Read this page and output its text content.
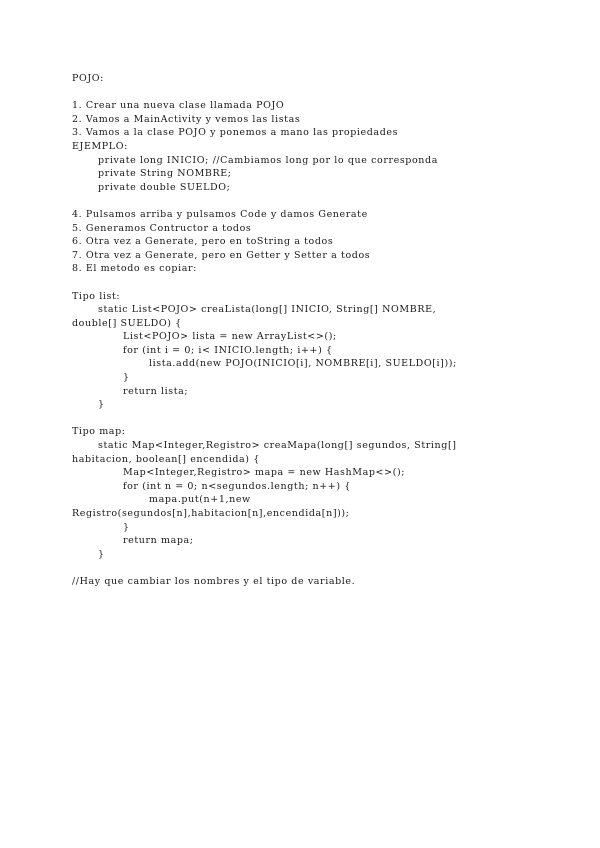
POJO:
1. Crear una nueva clase llamada POJO
2. Vamos a MainActivity y vemos las listas
3. Vamos a la clase POJO y ponemos a mano las propiedades
EJEMPLO:
private long INICIO; //Cambiamos long por lo que corresponda
private String NOMBRE;
private double SUELDO;
4. Pulsamos arriba y pulsamos Code y damos Generate
5. Generamos Contructor a todos
6. Otra vez a Generate, pero en toString a todos
7. Otra vez a Generate, pero en Getter y Setter a todos
8. El metodo es copiar:
Tipo list:
static List<POJO> creaLista(long[] INICIO, String[] NOMBRE,
double[] SUELDO) {
List<POJO> lista = new ArrayList<>();
for (int i = 0; i< INICIO.length; i++) {
lista.add(new POJO(INICIO[i], NOMBRE[i], SUELDO[i]));
}
return lista;
}
Tipo map:
static Map<Integer,Registro> creaMapa(long[] segundos, String[]
habitacion, boolean[] encendida) {
Map<Integer,Registro> mapa = new HashMap<>();
for (int n = 0; n<segundos.length; n++) {
mapa.put(n+1,new
Registro(segundos[n],habitacion[n],encendida[n]));
}
return mapa;
}
//Hay que cambiar los nombres y el tipo de variable.
